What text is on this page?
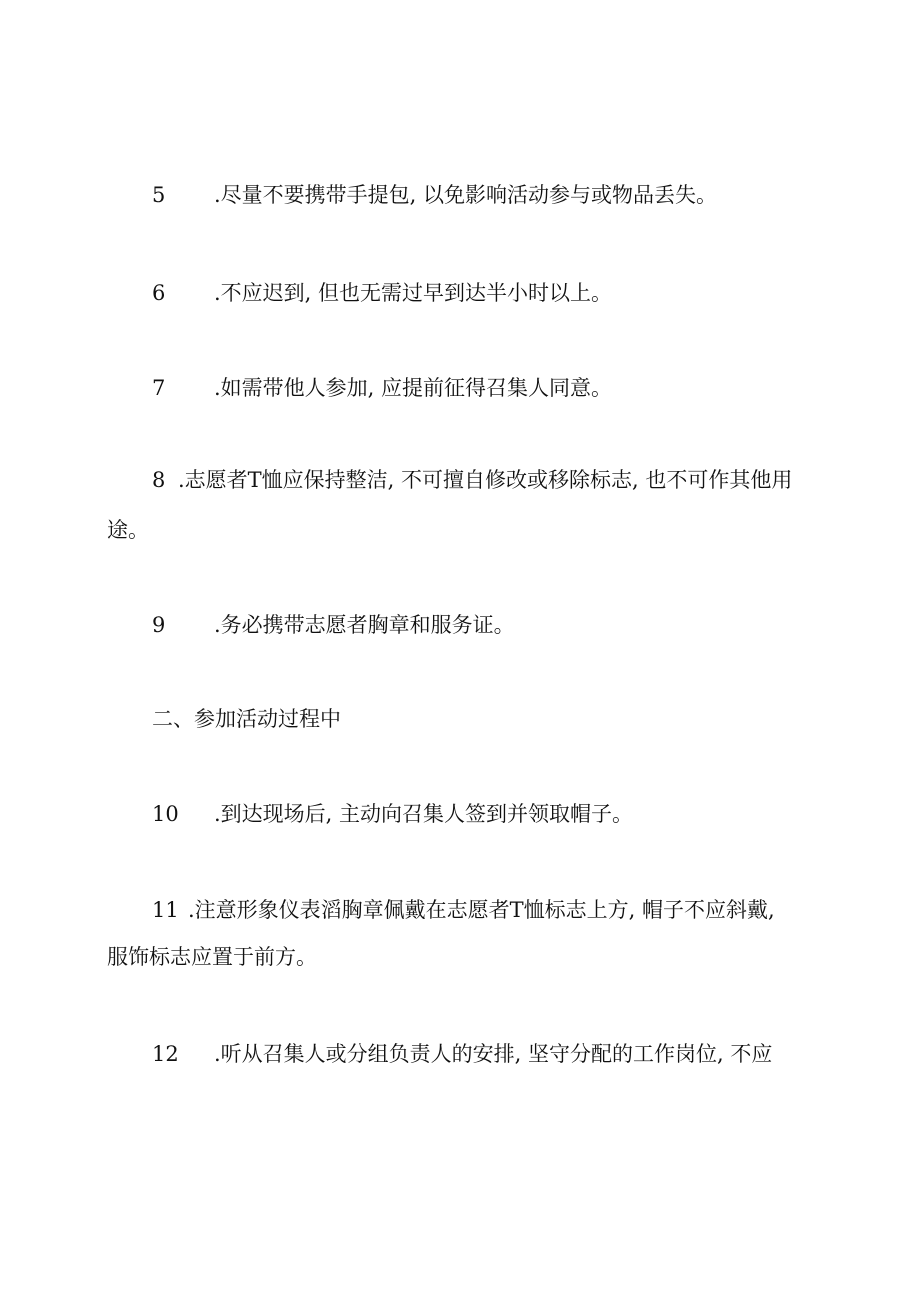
5 .尽量不要携带手提包, 以免影响活动参与或物品丢失。
6 .不应迟到, 但也无需过早到达半小时以上。
7 .如需带他人参加, 应提前征得召集人同意。
8 .志愿者T恤应保持整洁, 不可擅自修改或移除标志, 也不可作其他用
途。
9 .务必携带志愿者胸章和服务证。
二、参加活动过程中
10 .到达现场后, 主动向召集人签到并领取帽子。
11 .注意形象仪表滔胸章佩戴在志愿者T恤标志上方, 帽子不应斜戴,
服饰标志应置于前方。
12 .听从召集人或分组负责人的安排, 坚守分配的工作岗位, 不应
